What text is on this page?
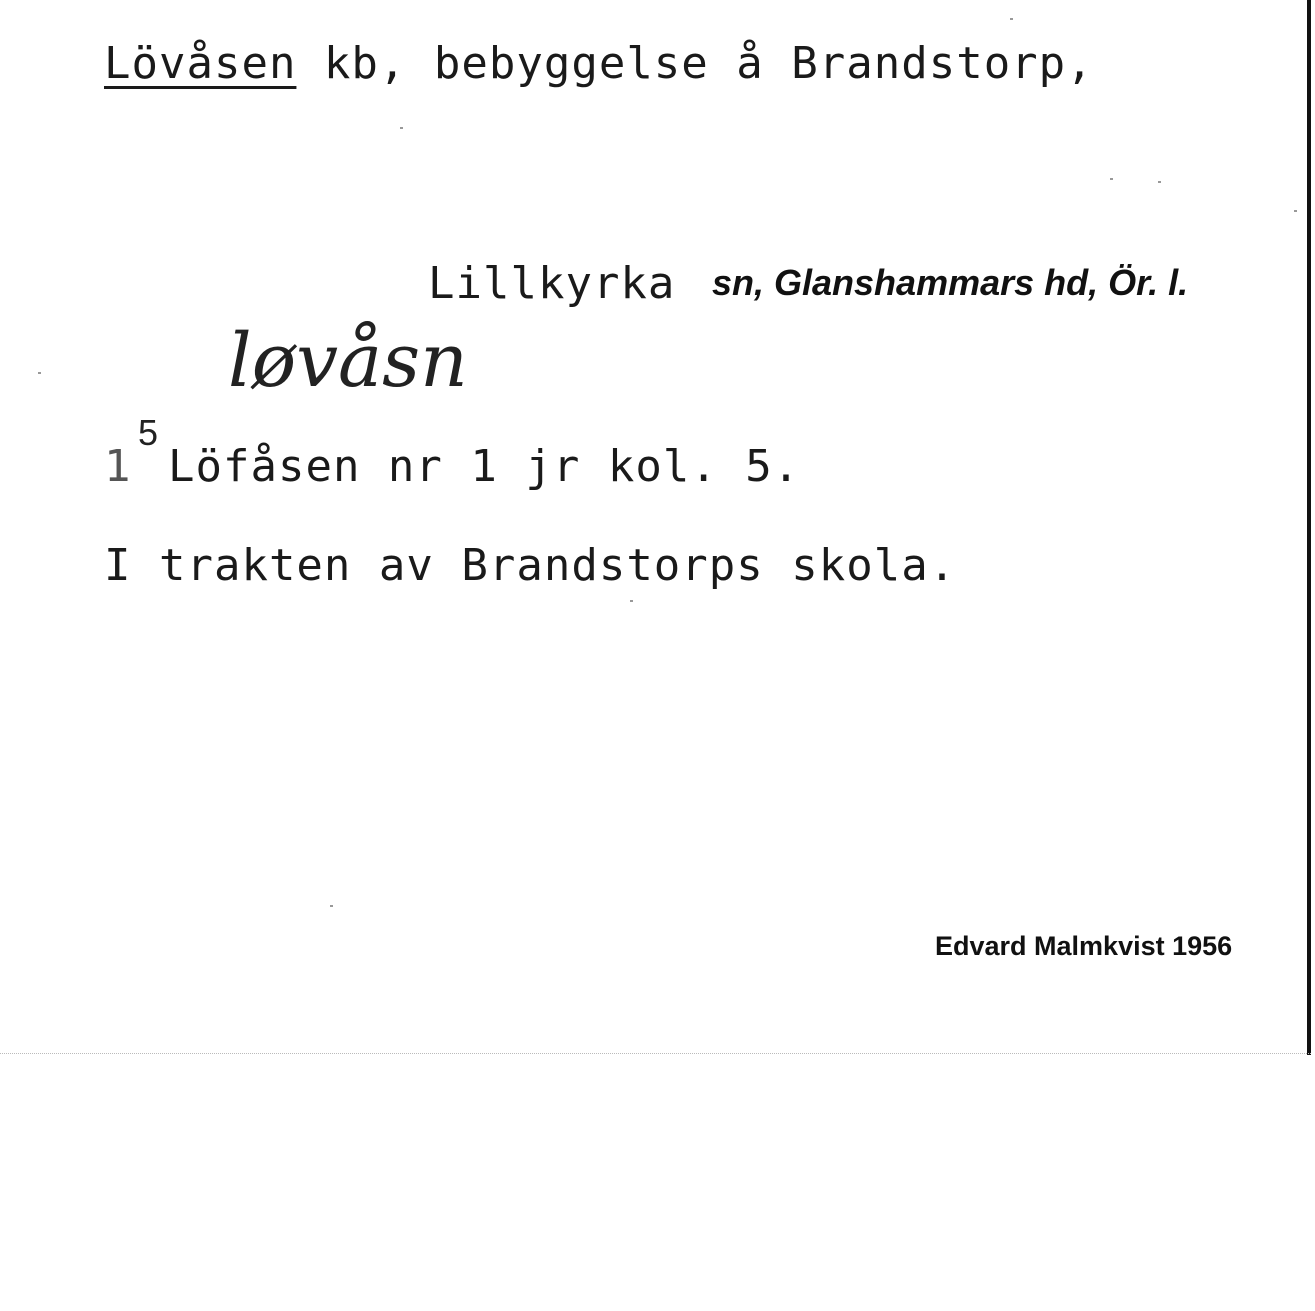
Lövåsen kb, bebyggelse å Brandstorp,
Lillkyrka sn, Glanshammars hd, Ör. l.
løvåsn
1
5
Löfåsen nr 1 jr kol. 5.
I trakten av Brandstorps skola.
Edvard Malmkvist 1956
